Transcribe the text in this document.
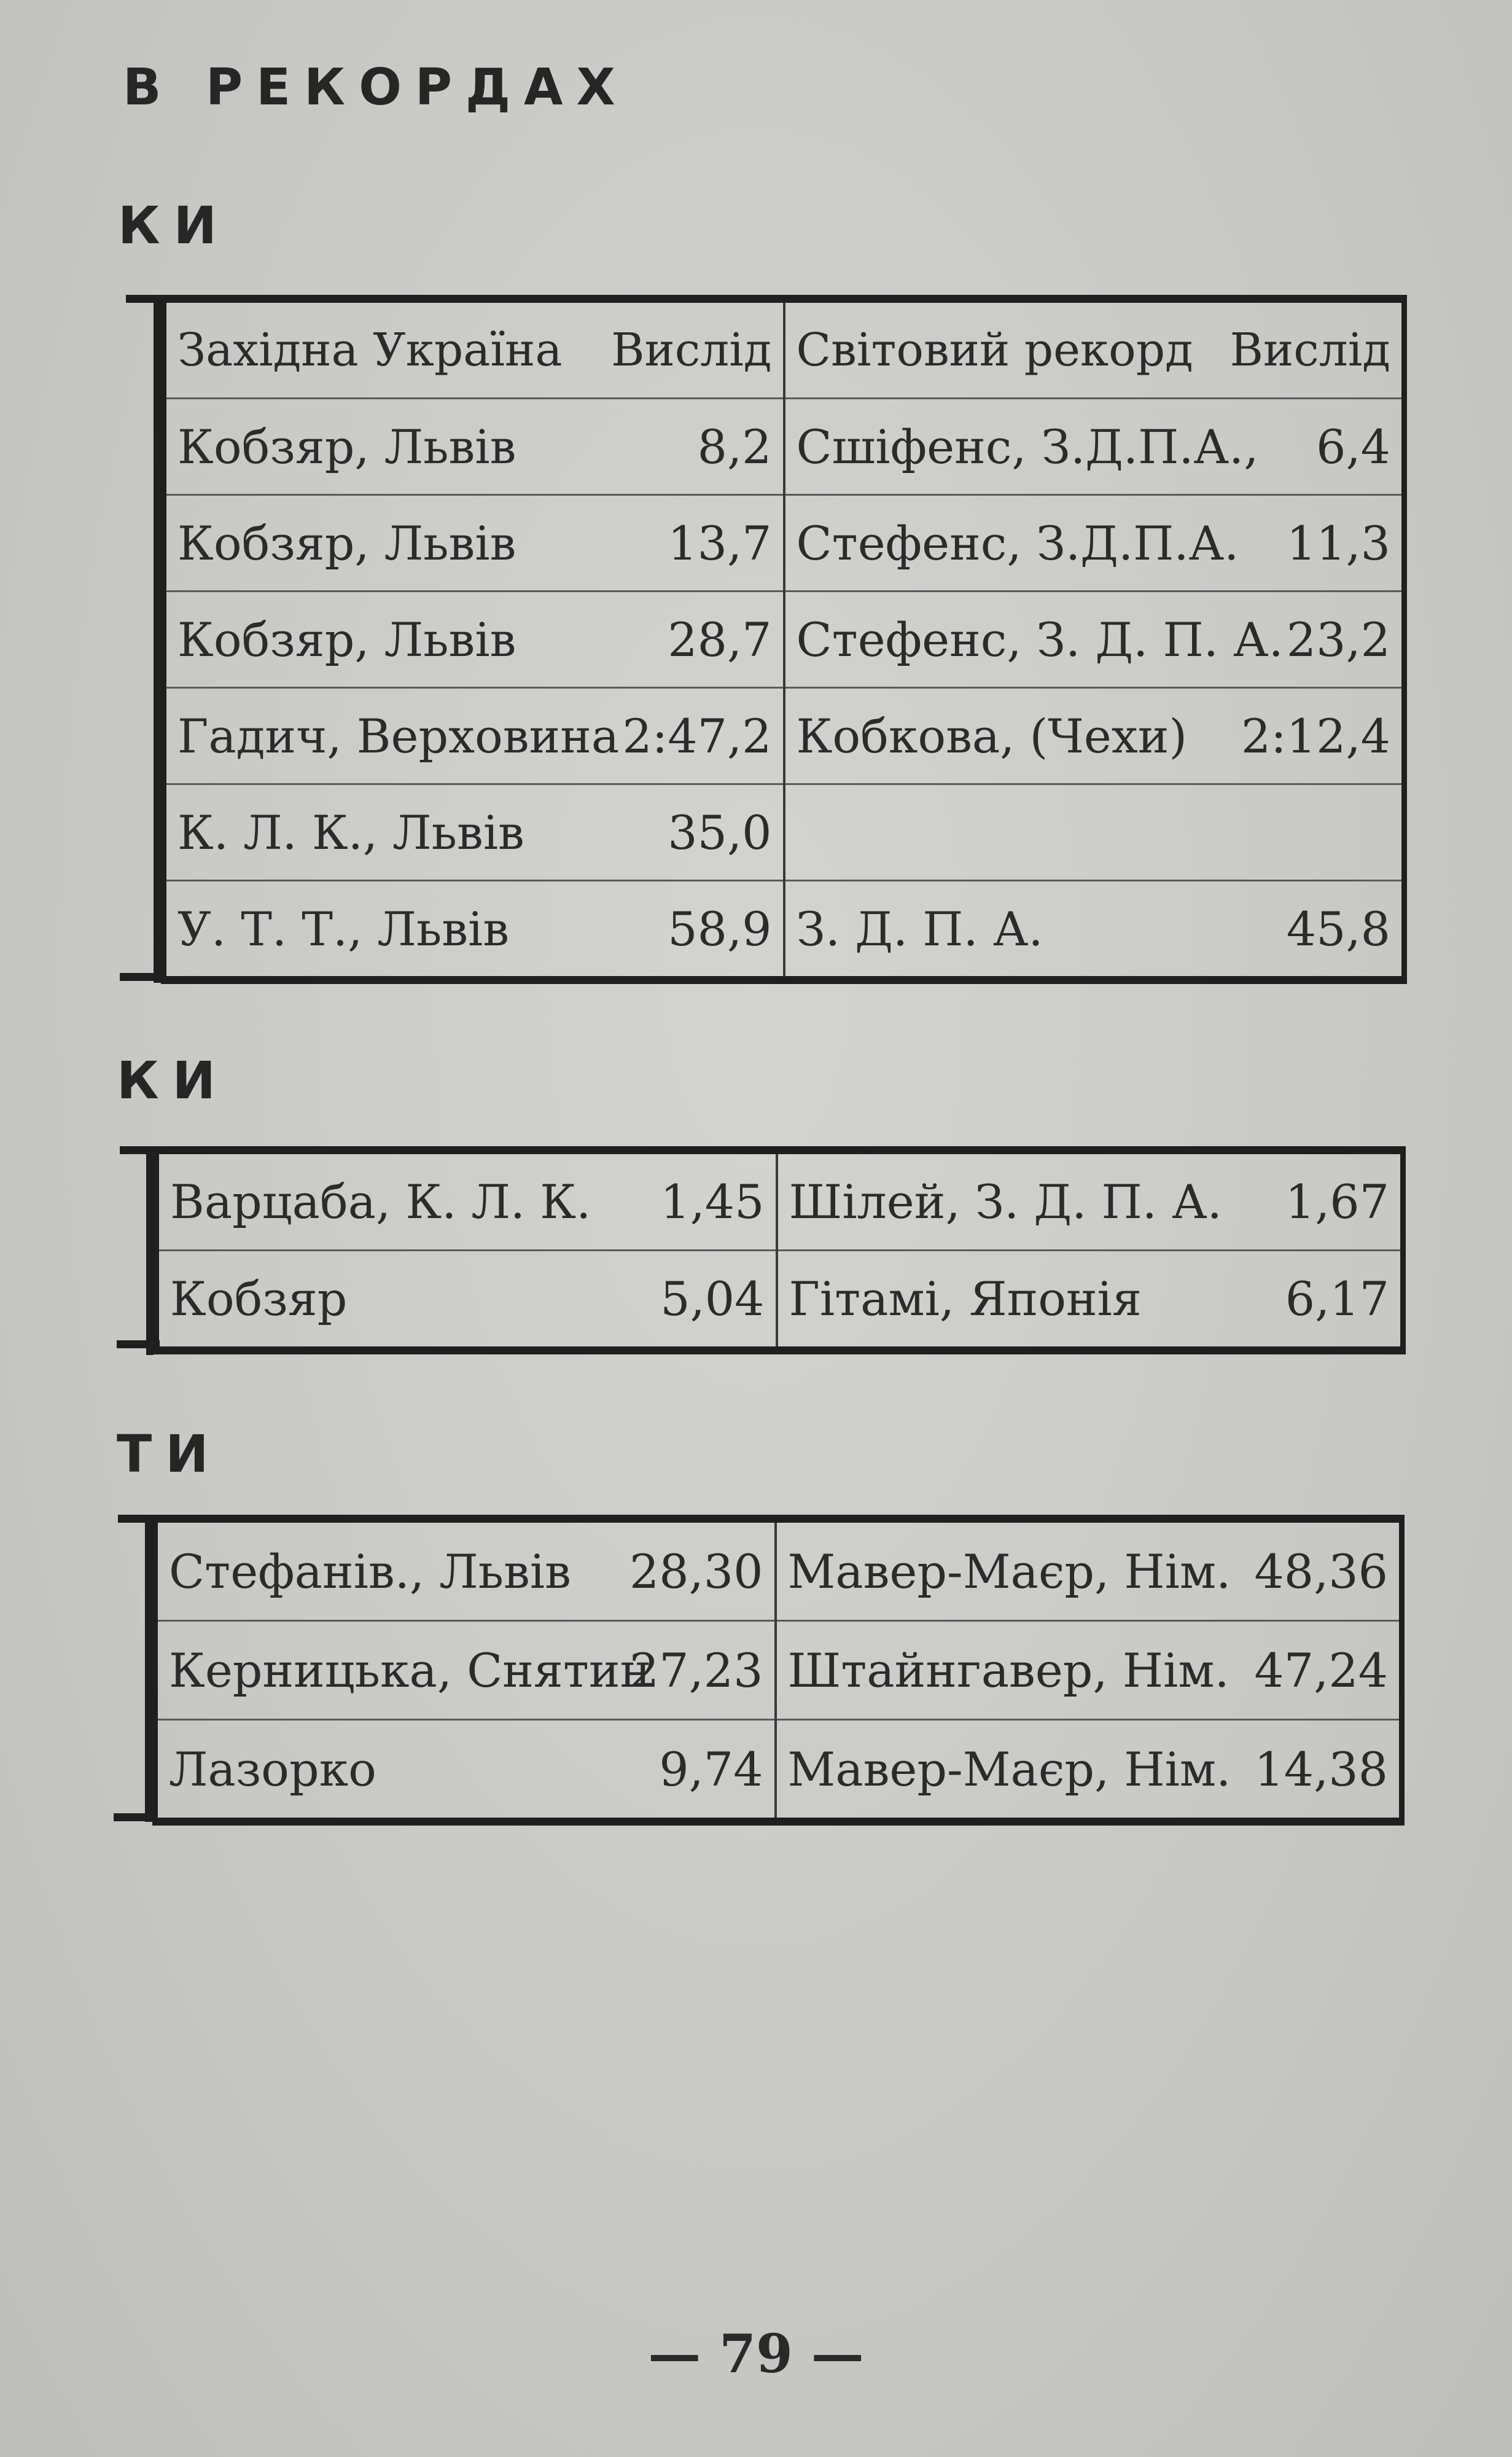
В РЕКОРДАХ
КИ
Західна Україна	Вислід	Світовий рекорд	Вислід
Кобзяр, Львів	8,2	Сшіфенс, З.Д.П.А.,	6,4
Кобзяр, Львів	13,7	Стефенс, З.Д.П.А.	11,3
Кобзяр, Львів	28,7	Стефенс, З. Д. П. А.	23,2
Гадич, Верховина	2:47,2	Кобкова, (Чехи)	2:12,4
К. Л. К., Львів	35,0		
У. Т. Т., Львів	58,9	З. Д. П. А.	45,8
КИ
Варцаба, К. Л. К.	1,45	Шілей, З. Д. П. А.	1,67
Кобзяр	5,04	Гітамі, Японія	6,17
ТИ
Стефанів., Львів	28,30	Мавер-Маєр, Нім.	48,36
Керницька, Снятин	27,23	Штайнгавер, Нім.	47,24
Лазорко	9,74	Мавер-Маєр, Нім.	14,38
— 79 —
